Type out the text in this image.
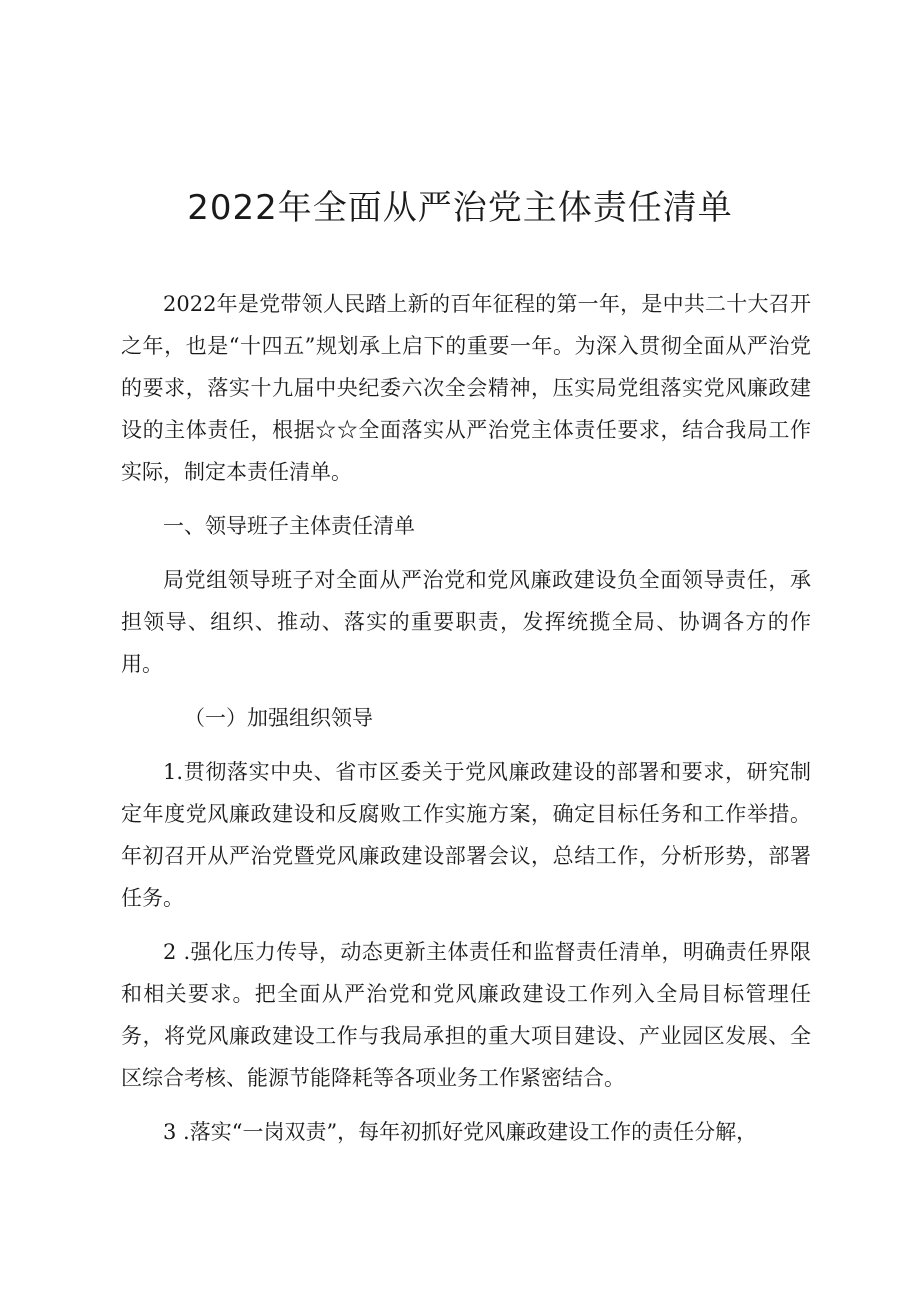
2022年全面从严治党主体责任清单

2022年是党带领人民踏上新的百年征程的第一年，是中共二十大召开之年，也是“十四五”规划承上启下的重要一年。为深入贯彻全面从严治党的要求，落实十九届中央纪委六次全会精神，压实局党组落实党风廉政建设的主体责任，根据☆☆全面落实从严治党主体责任要求，结合我局工作实际，制定本责任清单。

一、领导班子主体责任清单

局党组领导班子对全面从严治党和党风廉政建设负全面领导责任，承担领导、组织、推动、落实的重要职责，发挥统揽全局、协调各方的作用。

（一）加强组织领导

1.贯彻落实中央、省市区委关于党风廉政建设的部署和要求，研究制定年度党风廉政建设和反腐败工作实施方案，确定目标任务和工作举措。年初召开从严治党暨党风廉政建设部署会议，总结工作，分析形势，部署任务。

2 .强化压力传导，动态更新主体责任和监督责任清单，明确责任界限和相关要求。把全面从严治党和党风廉政建设工作列入全局目标管理任务，将党风廉政建设工作与我局承担的重大项目建设、产业园区发展、全区综合考核、能源节能降耗等各项业务工作紧密结合。

3 .落实“一岗双责”，每年初抓好党风廉政建设工作的责任分解，
